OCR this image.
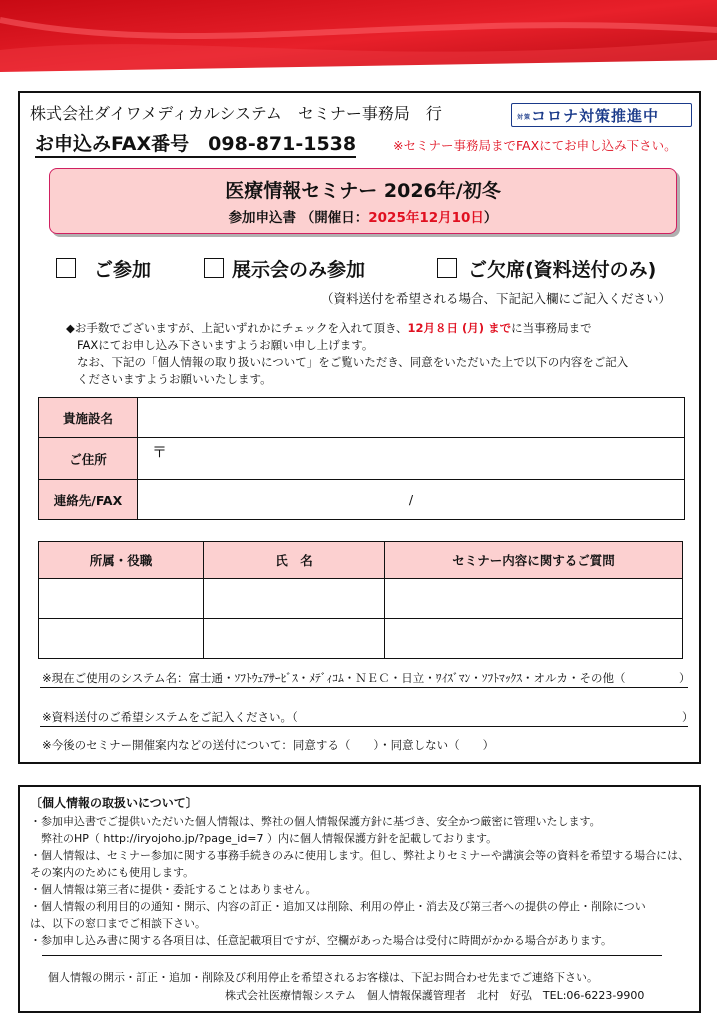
株式会社ダイワメディカルシステム　セミナー事務局　行
お申込みFAX番号　098-871-1538	※セミナー事務局までFAXにてお申し込み下さい。
対策コロナ対策推進中
医療情報セミナー 2026年/初冬
参加申込書 （開催日：2025年12月10日）
ご参加	展示会のみ参加	ご欠席(資料送付のみ)
（資料送付を希望される場合、下記記入欄にご記入ください）
◆お手数でございますが、上記いずれかにチェックを入れて頂き、12月８日 (月) までに当事務局まで
FAXにてお申し込み下さいますようお願い申し上げます。
なお、下記の「個人情報の取り扱いについて」をご覧いただき、同意をいただいた上で以下の内容をご記入
くださいますようお願いいたします。
貴施設名	
ご住所	〒
連絡先/FAX	/
所属・役職	氏　名	セミナー内容に関するご質問

※現在ご使用のシステム名：富士通・ｿﾌﾄｳｪｱｻｰﾋﾞｽ・ﾒﾃﾞｨｺﾑ・ＮＥＣ・日立・ﾜｲｽﾞﾏﾝ・ｿﾌﾄﾏｯｸｽ・オルカ・その他（	）
※資料送付のご希望システムをご記入ください。（	）
※今後のセミナー開催案内などの送付について：同意する（　　）・同意しない（　　）
〔個人情報の取扱いについて〕
・参加申込書でご提供いただいた個人情報は、弊社の個人情報保護方針に基づき、安全かつ厳密に管理いたします。
　弊社のHP（ http://iryojoho.jp/?page_id=7 ）内に個人情報保護方針を記載しております。
・個人情報は、セミナー参加に関する事務手続きのみに使用します。但し、弊社よりセミナーや講演会等の資料を希望する場合には、
その案内のためにも使用します。
・個人情報は第三者に提供・委託することはありません。
・個人情報の利用目的の通知・開示、内容の訂正・追加又は削除、利用の停止・消去及び第三者への提供の停止・削除につい
は、以下の窓口までご相談下さい。
・参加申し込み書に関する各項目は、任意記載項目ですが、空欄があった場合は受付に時間がかかる場合があります。
個人情報の開示・訂正・追加・削除及び利用停止を希望されるお客様は、下記お問合わせ先までご連絡下さい。
株式会社医療情報システム　個人情報保護管理者　北村　好弘　TEL:06-6223-9900
